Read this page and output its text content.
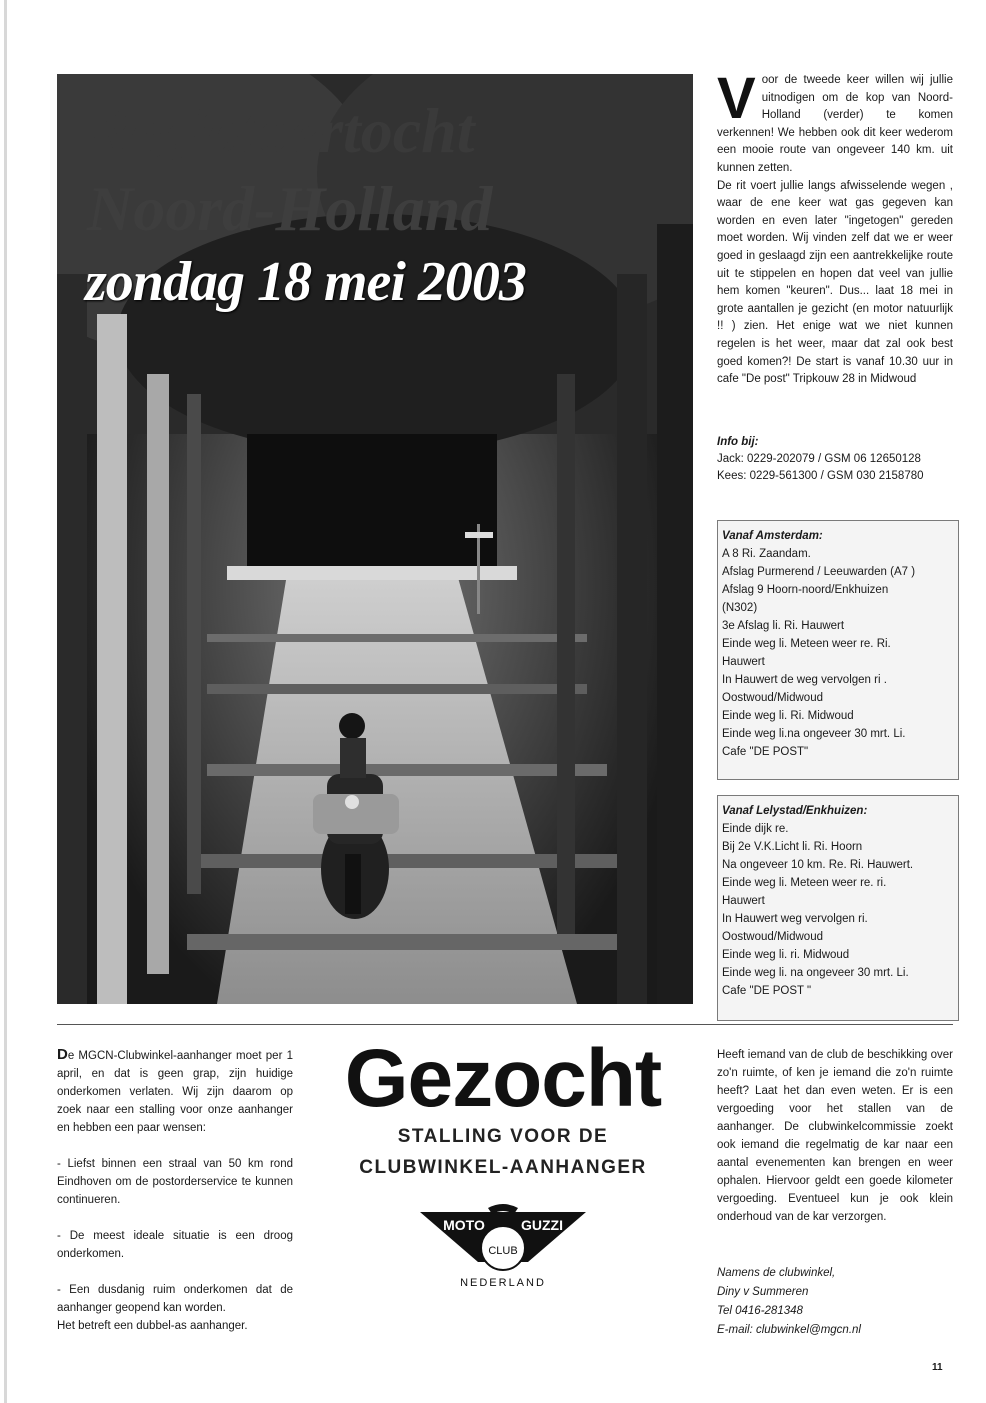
Regiotoertocht
Noord-Holland
zondag 18 mei 2003
V oor de tweede keer willen wij jullie uitnodigen om de kop van Noord-Holland (verder) te komen verkennen! We hebben ook dit keer wederom een mooie route van ongeveer 140 km. uit kunnen zetten.

De rit voert jullie langs afwisselende wegen , waar de ene keer wat gas gegeven kan worden en even later "ingetogen" gereden moet worden. Wij vinden zelf dat we er weer goed in geslaagd zijn een aantrekkelijke route uit te stippelen en hopen dat veel van jullie hem komen "keuren". Dus... laat 18 mei in grote aantallen je gezicht (en motor natuurlijk !! ) zien. Het enige wat we niet kunnen regelen is het weer, maar dat zal ook best goed komen?! De start is vanaf 10.30 uur in cafe "De post" Tripkouw 28 in Midwoud

Info bij:
Jack: 0229-202079 / GSM 06 12650128
Kees: 0229-561300 / GSM 030 2158780
Vanaf Amsterdam:
A 8 Ri. Zaandam.
Afslag Purmerend / Leeuwarden (A7 )
Afslag 9 Hoorn-noord/Enkhuizen
(N302)
3e Afslag li. Ri. Hauwert
Einde weg li. Meteen weer re. Ri.
Hauwert
In Hauwert de weg vervolgen ri .
Oostwoud/Midwoud
Einde weg li. Ri. Midwoud
Einde weg li.na ongeveer 30 mrt. Li.
Cafe "DE POST"
Vanaf Lelystad/Enkhuizen:
Einde dijk re.
Bij 2e V.K.Licht li. Ri. Hoorn
Na ongeveer 10 km. Re. Ri. Hauwert.
Einde weg li. Meteen weer re. ri.
Hauwert
In Hauwert weg vervolgen ri.
Oostwoud/Midwoud
Einde weg li. ri. Midwoud
Einde weg li. na ongeveer 30 mrt. Li.
Cafe "DE POST "

De MGCN-Clubwinkel-aanhanger moet per 1 april, en dat is geen grap, zijn huidige onderkomen verlaten. Wij zijn daarom op zoek naar een stalling voor onze aanhanger en hebben een paar wensen:

- Liefst binnen een straal van 50 km rond Eindhoven om de postorderservice te kunnen continueren.

- De meest ideale situatie is een droog onderkomen.

- Een dusdanig ruim onderkomen dat de aanhanger geopend kan worden.

Het betreft een dubbel-as aanhanger.

Gezocht
STALLING VOOR DE
CLUBWINKEL-AANHANGER
MOTO	GUZZI
CLUB
NEDERLAND

Heeft iemand van de club de beschikking over zo'n ruimte, of ken je iemand die zo'n ruimte heeft? Laat het dan even weten. Er is een vergoeding voor het stallen van de aanhanger. De clubwinkelcommissie zoekt ook iemand die regelmatig de kar naar een aantal evenementen kan brengen en weer ophalen. Hiervoor geldt een goede kilometer vergoeding. Eventueel kun je ook klein onderhoud van de kar verzorgen.

Namens de clubwinkel,
Diny v Summeren
Tel 0416-281348
E-mail: clubwinkel@mgcn.nl
11
